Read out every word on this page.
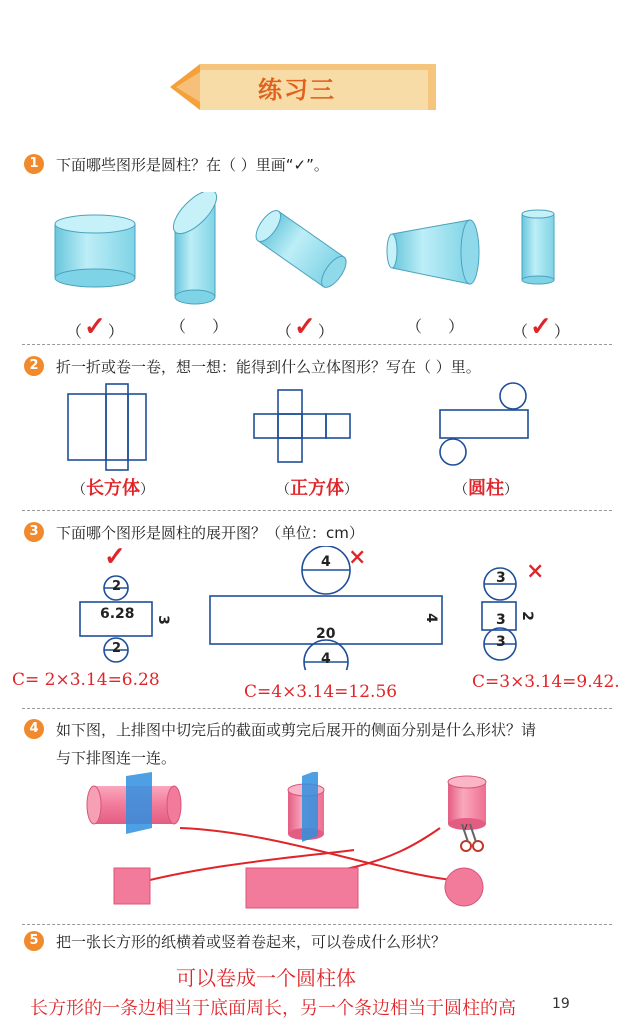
练习三
1	下面哪些图形是圆柱？在（ ）里画“✓”。
（✓ ）	（ ）	（✓ ）	（ ）	（✓ ）
2	折一折或卷一卷，想一想：能得到什么立体图形？写在（ ）里。
（长方体）	（正方体）	（圆柱）
3	下面哪个图形是圆柱的展开图？（单位：cm）
2
6.28 3
2
4
4
20
4
3
3 2
3
✓	×
×
C= 2×3.14=6.28
C=4×3.14=12.56	C=3×3.14=9.42.
4	如下图，上排图中切完后的截面或剪完后展开的侧面分别是什么形状？请
与下排图连一连。
5	把一张长方形的纸横着或竖着卷起来，可以卷成什么形状？
可以卷成一个圆柱体
长方形的一条边相当于底面周长，另一个条边相当于圆柱的高	19
